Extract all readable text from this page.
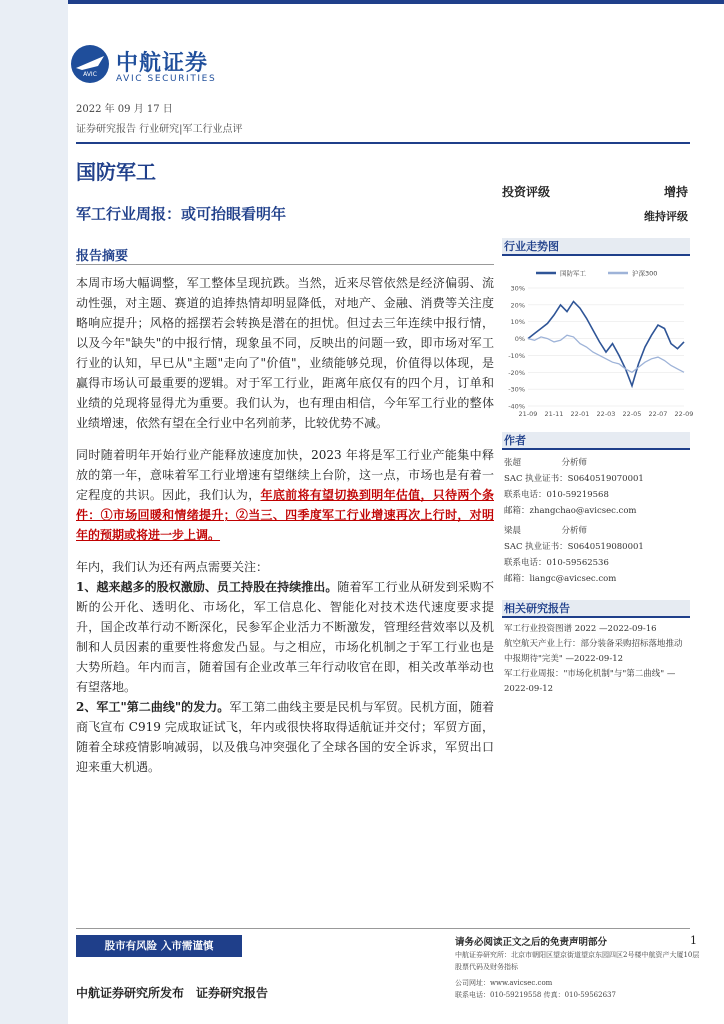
AVIC 中航证券
AVIC SECURITIES
2022 年 09 月 17 日
证券研究报告 行业研究|军工行业点评
国防军工
军工行业周报：或可抬眼看明年
报告摘要

本周市场大幅调整，军工整体呈现抗跌。当然，近来尽管依然是经济偏弱、流动性强，对主题、赛道的追捧热情却明显降低，对地产、金融、消费等关注度略响应提升；风格的摇摆若会转换是潜在的担忧。但过去三年连续中报行情，以及今年"缺失"的中报行情，现象虽不同，反映出的问题一致，即市场对军工行业的认知，早已从"主题"走向了"价值"，业绩能够兑现，价值得以体现，是赢得市场认可最重要的逻辑。对于军工行业，距离年底仅有的四个月，订单和业绩的兑现将显得尤为重要。我们认为，也有理由相信，今年军工行业的整体业绩增速，依然有望在全行业中名列前茅，比较优势不减。

同时随着明年开始行业产能释放速度加快，2023 年将是军工行业产能集中释放的第一年，意味着军工行业增速有望继续上台阶，这一点，市场也是有着一定程度的共识。因此，我们认为，年底前将有望切换到明年估值，只待两个条件：①市场回暖和情绪提升；②当三、四季度军工行业增速再次上行时，对明年的预期或将进一步上调。

年内，我们认为还有两点需要关注：

1、越来越多的股权激励、员工持股在持续推出。随着军工行业从研发到采购不断的公开化、透明化、市场化，军工信息化、智能化对技术迭代速度要求提升，国企改革行动不断深化，民参军企业活力不断激发，管理经营效率以及机制和人员因素的重要性将愈发凸显。与之相应，市场化机制之于军工行业也是大势所趋。年内而言，随着国有企业改革三年行动收官在即，相关改革举动也有望落地。

2、军工"第二曲线"的发力。军工第二曲线主要是民机与军贸。民机方面，随着商飞宣布 C919 完成取证试飞，年内或很快将取得适航证并交付；军贸方面，随着全球疫情影响减弱，以及俄乌冲突强化了全球各国的安全诉求，军贸出口迎来重大机遇。

投资评级	增持
维持评级
行业走势图
30%
20%
10%
0%
-10%
-20%
-30%
-40%
21-09 21-11 22-01 22-03 22-05 22-07 22-09
国防军工	沪深300
作者
张超	分析师
SAC 执业证书：S0640519070001
联系电话：010-59219568
邮箱：zhangchao@avicsec.com
梁晨	分析师
SAC 执业证书：S0640519080001
联系电话：010-59562536
邮箱：liangc@avicsec.com
相关研究报告
军工行业投资图谱 2022 —2022-09-16
航空航天产业上行：部分装备采购招标落地推动
中报期待"完美" —2022-09-12
军工行业周报："市场化机制"与"第二曲线" —2022-09-12
股市有风险 入市需谨慎	请务必阅读正文之后的免责声明部分	1
中航证券研究所：北京市朝阳区望京街道望京东园四区2号楼中航资产大厦10层
股票代码及财务指标
公司网址：www.avicsec.com
联系电话：010-59219558 传真：010-59562637
中航证券研究所发布　证券研究报告
